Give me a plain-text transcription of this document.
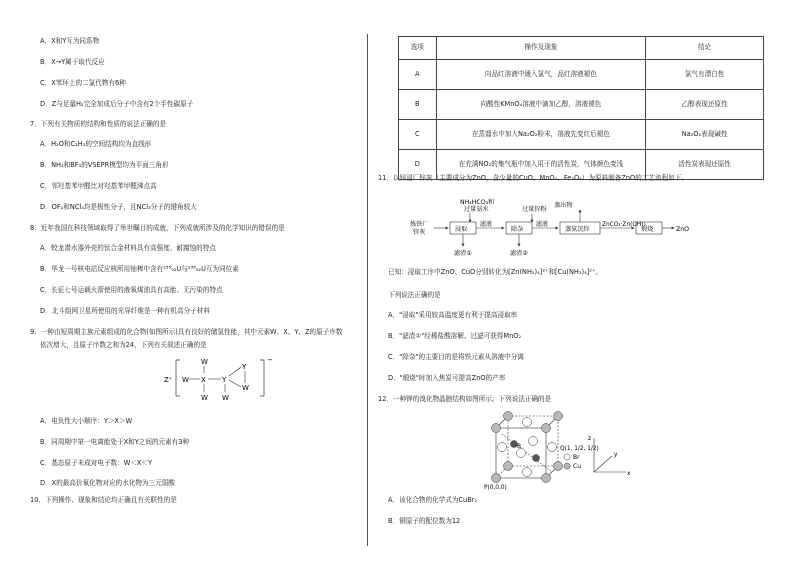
A．X和Y互为同系物
B．X→Y属于取代反应
C．X苯环上的二氯代物有6种
D．Z与足量H₂完全加成后分子中含有2个手性碳原子
7．下列有关物质的结构和性质的说法正确的是
A．H₂O和C₂H₂的空间结构均为直线形
B．NH₃和BF₃的VSEPR模型均为平面三角形
C．邻羟基苯甲醛比对羟基苯甲醛沸点高
D．OF₂和NCl₃均是极性分子，且NCl₃分子的键角较大
8．近年我国在科技领域取得了举世瞩目的成就，下列成就所涉及的化学知识的错误的是
A．蛟龙潜水器外壳的钛合金材料具有高强度、耐腐蚀的特点
B．华龙一号核电站反应核所用铀棒中含有²³⁵₉₂U与²³⁸₉₂U互为同位素
C．长征七号运载火箭使用的液氧煤油具有高能、无污染的特点
D．北斗组网卫星所使用的光导纤维是一种有机高分子材料
9．一种由短周期主族元素组成的化合物(如图所示)具有良好的储氢性能，其中元素W、X、Y、Z的原子序数
依次增大，且原子序数之和为24，下列有关叙述正确的是
Z⁺
−
W X Y
Y
W
W W
W
A．电负性大小顺序：Y＞X＞W
B．同周期中第一电离能处于X和Y之间的元素有3种
C．基态原子未成对电子数：W＜X＜Y
D．X的最高价氧化物对应的水化物为三元弱酸
10．下列操作、现象和结论均正确且有关联性的是
选项	操作及现象	结论
A	向品红溶液中通入氯气，品红溶液褪色	氯气有漂白性
B	向酸性KMnO₄溶液中滴加乙醇，溶液褪色	乙醇表现还原性
C	在蒸馏水中加入Na₂O₂粉末，溶液先变红后褪色	Na₂O₂表现碱性
D	在充满NO₂的集气瓶中加入用于的活性炭，气体颜色变浅	活性炭表现还原性
11．以锌浸厂锌灰（主要成分为ZnO，含少量的CuO、MnO₂、Fe₂O₃）为原料制备ZnO的工艺流程如下。
NH₄HCO₃和
过量氨水	过量锌粉
蒸出物
炼铁厂
锌灰	浸取
滤液
除杂
滤液
蒸氨沉锌
ZnCO₃·Zn(OH)₂
煅烧	ZnO
滤渣①	滤渣②
已知：浸取工序中ZnO、CuO分别转化为[Zn(NH₃)₄]²⁺和[Cu(NH₃)₄]²⁺。
下列说法正确的是
A．"浸取"采用较高温度更有利于提高浸取率
B．"滤渣①"经稀盐酸溶解、过滤可获得MnO₂
C．"除杂"的主要目的是将铁元素从溶液中分离
D．"煅烧"时加入焦炭可提高ZnO的产率
12．一种钾的溴化物晶胞结构如图所示。下列说法正确的是
R	Q(1, 1/2, 1/2)
P(0,0,0)
Br
Cu
z
y
x
A．该化合物的化学式为CuBr₂
B．铜原子的配位数为12
